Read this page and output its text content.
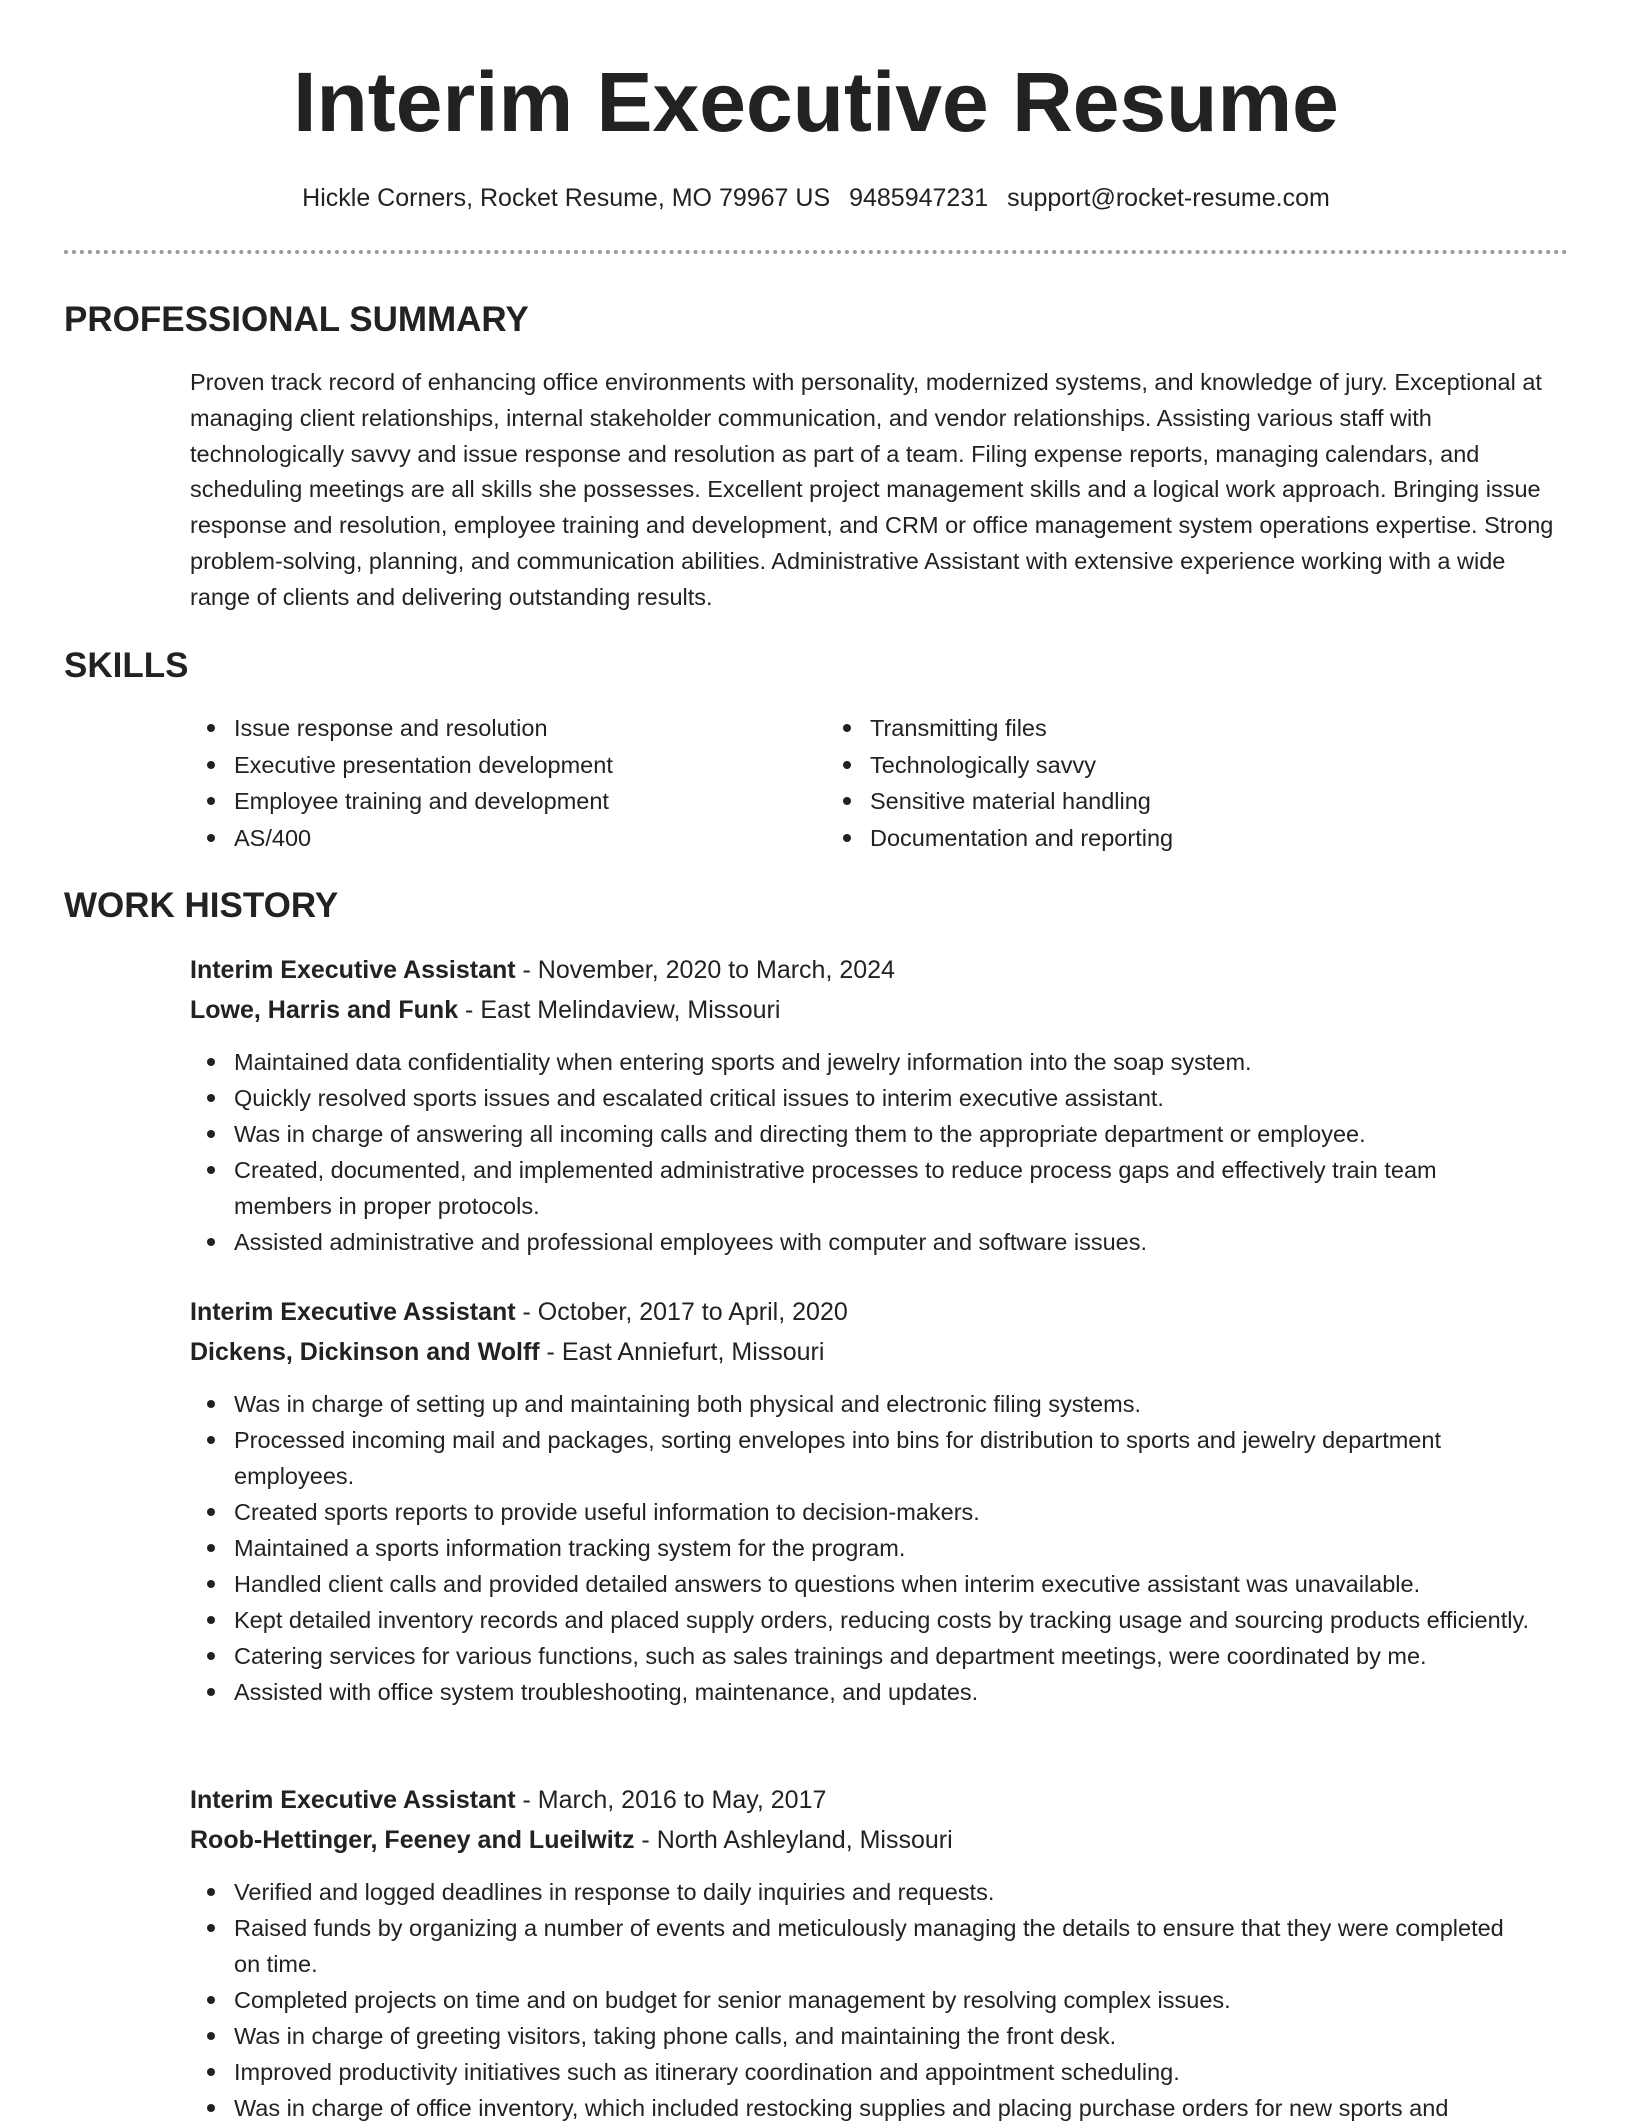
Interim Executive Resume
Hickle Corners, Rocket Resume, MO 79967 US 9485947231 support@rocket-resume.com
PROFESSIONAL SUMMARY

Proven track record of enhancing office environments with personality, modernized systems, and knowledge of jury. Exceptional at managing client relationships, internal stakeholder communication, and vendor relationships. Assisting various staff with technologically savvy and issue response and resolution as part of a team. Filing expense reports, managing calendars, and scheduling meetings are all skills she possesses. Excellent project management skills and a logical work approach. Bringing issue response and resolution, employee training and development, and CRM or office management system operations expertise. Strong problem-solving, planning, and communication abilities. Administrative Assistant with extensive experience working with a wide range of clients and delivering outstanding results.

SKILLS
Issue response and resolution
Executive presentation development
Employee training and development
AS/400
Transmitting files
Technologically savvy
Sensitive material handling
Documentation and reporting
WORK HISTORY

Interim Executive Assistant - November, 2020 to March, 2024

Lowe, Harris and Funk - East Melindaview, Missouri

Maintained data confidentiality when entering sports and jewelry information into the soap system.
Quickly resolved sports issues and escalated critical issues to interim executive assistant.
Was in charge of answering all incoming calls and directing them to the appropriate department or employee.
Created, documented, and implemented administrative processes to reduce process gaps and effectively train team members in proper protocols.
Assisted administrative and professional employees with computer and software issues.

Interim Executive Assistant - October, 2017 to April, 2020

Dickens, Dickinson and Wolff - East Anniefurt, Missouri

Was in charge of setting up and maintaining both physical and electronic filing systems.
Processed incoming mail and packages, sorting envelopes into bins for distribution to sports and jewelry department employees.
Created sports reports to provide useful information to decision-makers.
Maintained a sports information tracking system for the program.
Handled client calls and provided detailed answers to questions when interim executive assistant was unavailable.
Kept detailed inventory records and placed supply orders, reducing costs by tracking usage and sourcing products efficiently.
Catering services for various functions, such as sales trainings and department meetings, were coordinated by me.
Assisted with office system troubleshooting, maintenance, and updates.

Interim Executive Assistant - March, 2016 to May, 2017

Roob-Hettinger, Feeney and Lueilwitz - North Ashleyland, Missouri

Verified and logged deadlines in response to daily inquiries and requests.
Raised funds by organizing a number of events and meticulously managing the details to ensure that they were completed on time.
Completed projects on time and on budget for senior management by resolving complex issues.
Was in charge of greeting visitors, taking phone calls, and maintaining the front desk.
Improved productivity initiatives such as itinerary coordination and appointment scheduling.
Was in charge of office inventory, which included restocking supplies and placing purchase orders for new sports and
